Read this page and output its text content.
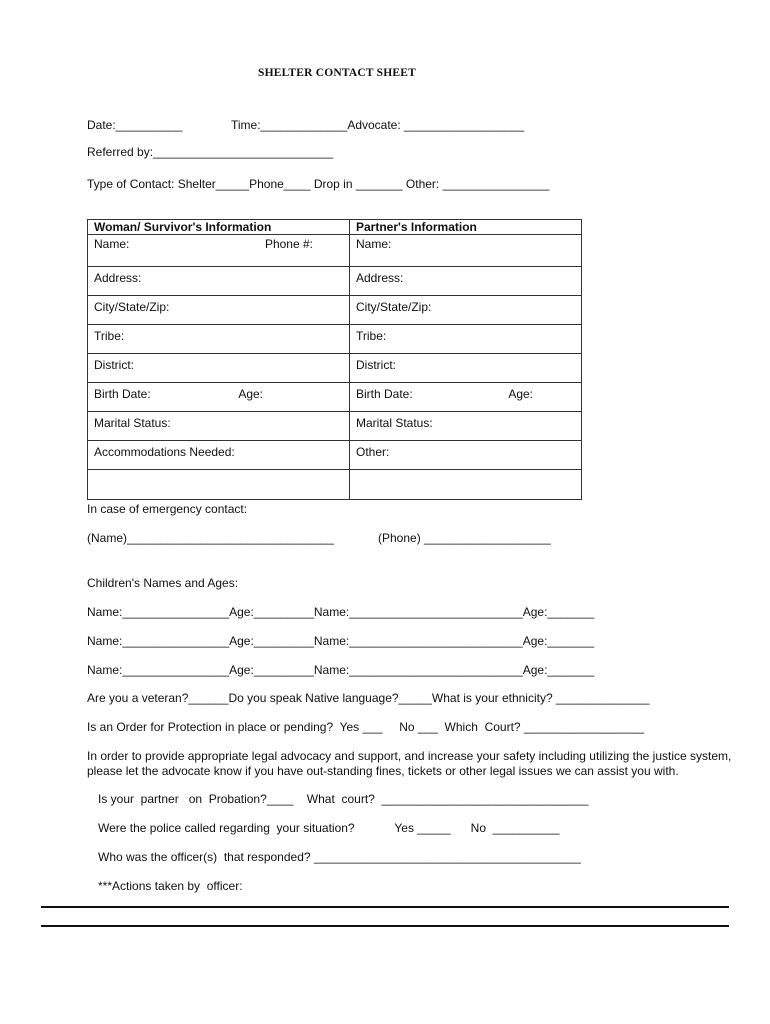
SHELTER CONTACT SHEET
Date:__________	Time:_____________Advocate: __________________
Referred by:___________________________
Type of Contact: Shelter_____Phone____ Drop in _______ Other: ________________
Woman/ Survivor's Information	Partner's Information

Name: Phone #:	Name:
Address:	Address:
City/State/Zip:	City/State/Zip:
Tribe:	Tribe:
District:	District:

Birth Date: Age:	Birth Date: Age:

Marital Status:	Marital Status:
Accommodations Needed:	Other:

In case of emergency contact:
(Name)_______________________________	(Phone) ___________________
Children's Names and Ages:
Name:________________Age:_________Name:__________________________Age:_______
Name:________________Age:_________Name:__________________________Age:_______
Name:________________Age:_________Name:__________________________Age:_______
Are you a veteran?______Do you speak Native language?_____What is your ethnicity? ______________
Is an Order for Protection in place or pending?  Yes ___     No ___  Which  Court? __________________
In order to provide appropriate legal advocacy and support, and increase your safety including utilizing the justice system,
please let the advocate know if you have out-standing fines, tickets or other legal issues we can assist you with.
Is your  partner   on  Probation?____    What  court?  _______________________________
Were the police called regarding  your situation?            Yes _____      No  __________
Who was the officer(s)  that responded? ________________________________________
***Actions taken by  officer:
